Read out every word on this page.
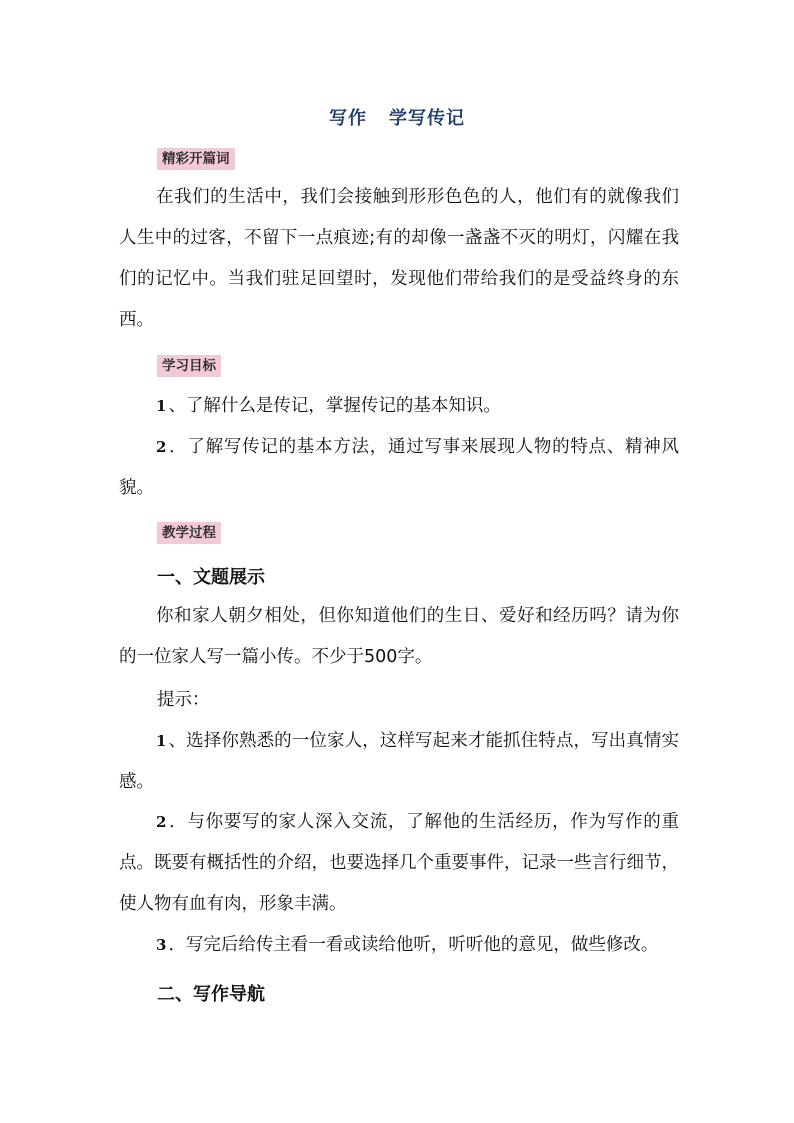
写作 学写传记
精彩开篇词

在我们的生活中，我们会接触到形形色色的人，他们有的就像我们人生中的过客，不留下一点痕迹;有的却像一盏盏不灭的明灯，闪耀在我们的记忆中。当我们驻足回望时，发现他们带给我们的是受益终身的东西。

学习目标

1 、了解什么是传记，掌握传记的基本知识。

2 ．了解写传记的基本方法，通过写事来展现人物的特点、精神风貌。

教学过程
一、文题展示

你和家人朝夕相处，但你知道他们的生日、爱好和经历吗？请为你的一位家人写一篇小传。不少于500字。

提示：

1 、选择你熟悉的一位家人，这样写起来才能抓住特点，写出真情实感。

2 ．与你要写的家人深入交流，了解他的生活经历，作为写作的重点。既要有概括性的介绍，也要选择几个重要事件，记录一些言行细节，使人物有血有肉，形象丰满。

3 ．写完后给传主看一看或读给他听，听听他的意见，做些修改。

二、写作导航
